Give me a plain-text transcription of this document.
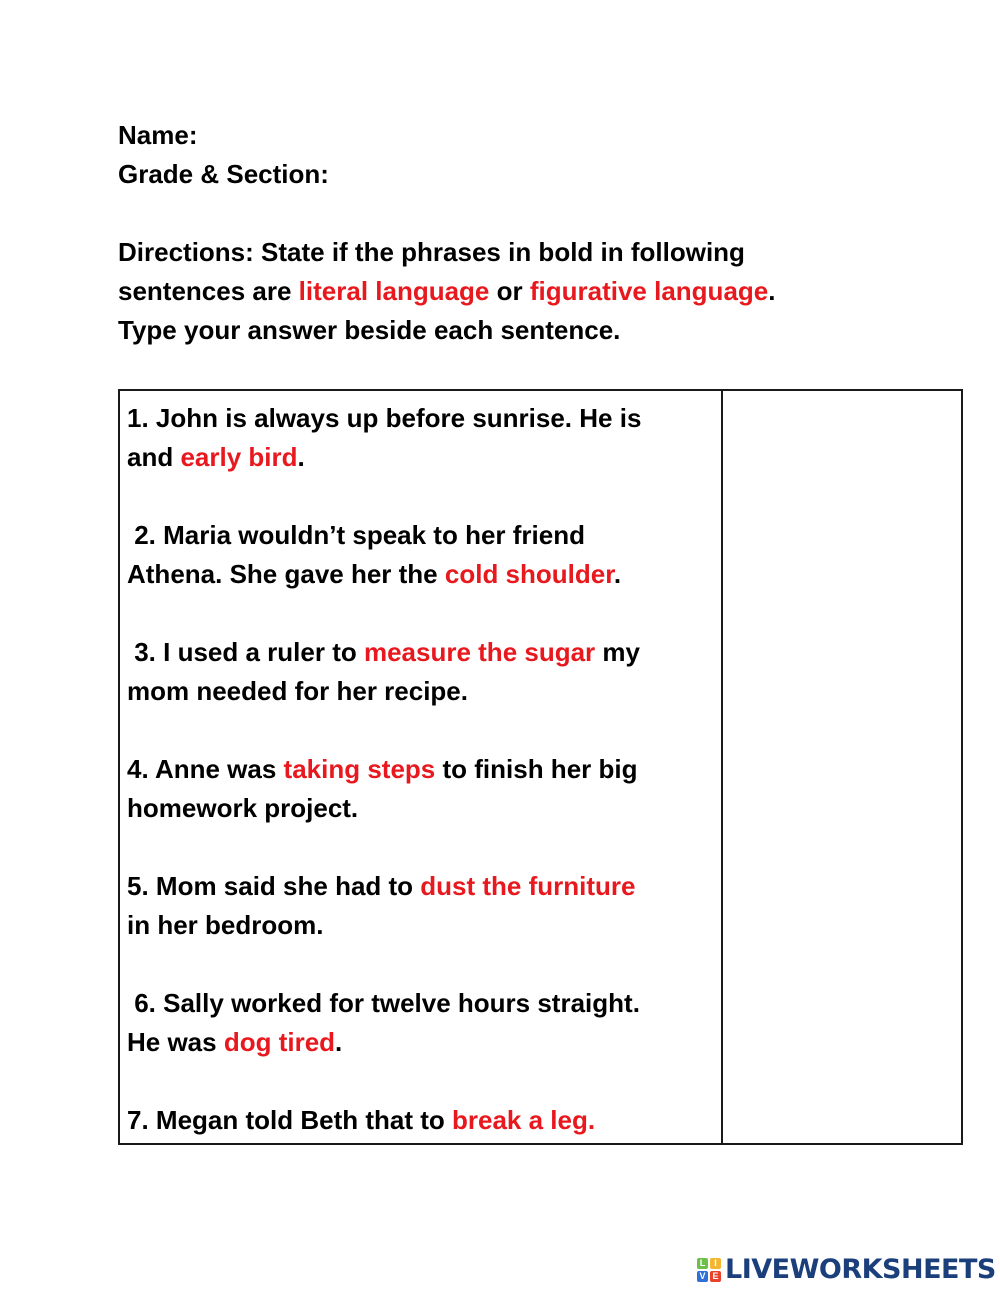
Name:
Grade & Section:
Directions: State if the phrases in bold in following
sentences are literal language or figurative language.
Type your answer beside each sentence.
1. John is always up before sunrise. He is
and early bird.
2. Maria wouldn’t speak to her friend
Athena. She gave her the cold shoulder.
3. I used a ruler to measure the sugar my
mom needed for her recipe.
4. Anne was taking steps to finish her big
homework project.
5. Mom said she had to dust the furniture
in her bedroom.
6. Sally worked for twelve hours straight.
He was dog tired.
7. Megan told Beth that to break a leg.
L I
V E LIVEWORKSHEETS
